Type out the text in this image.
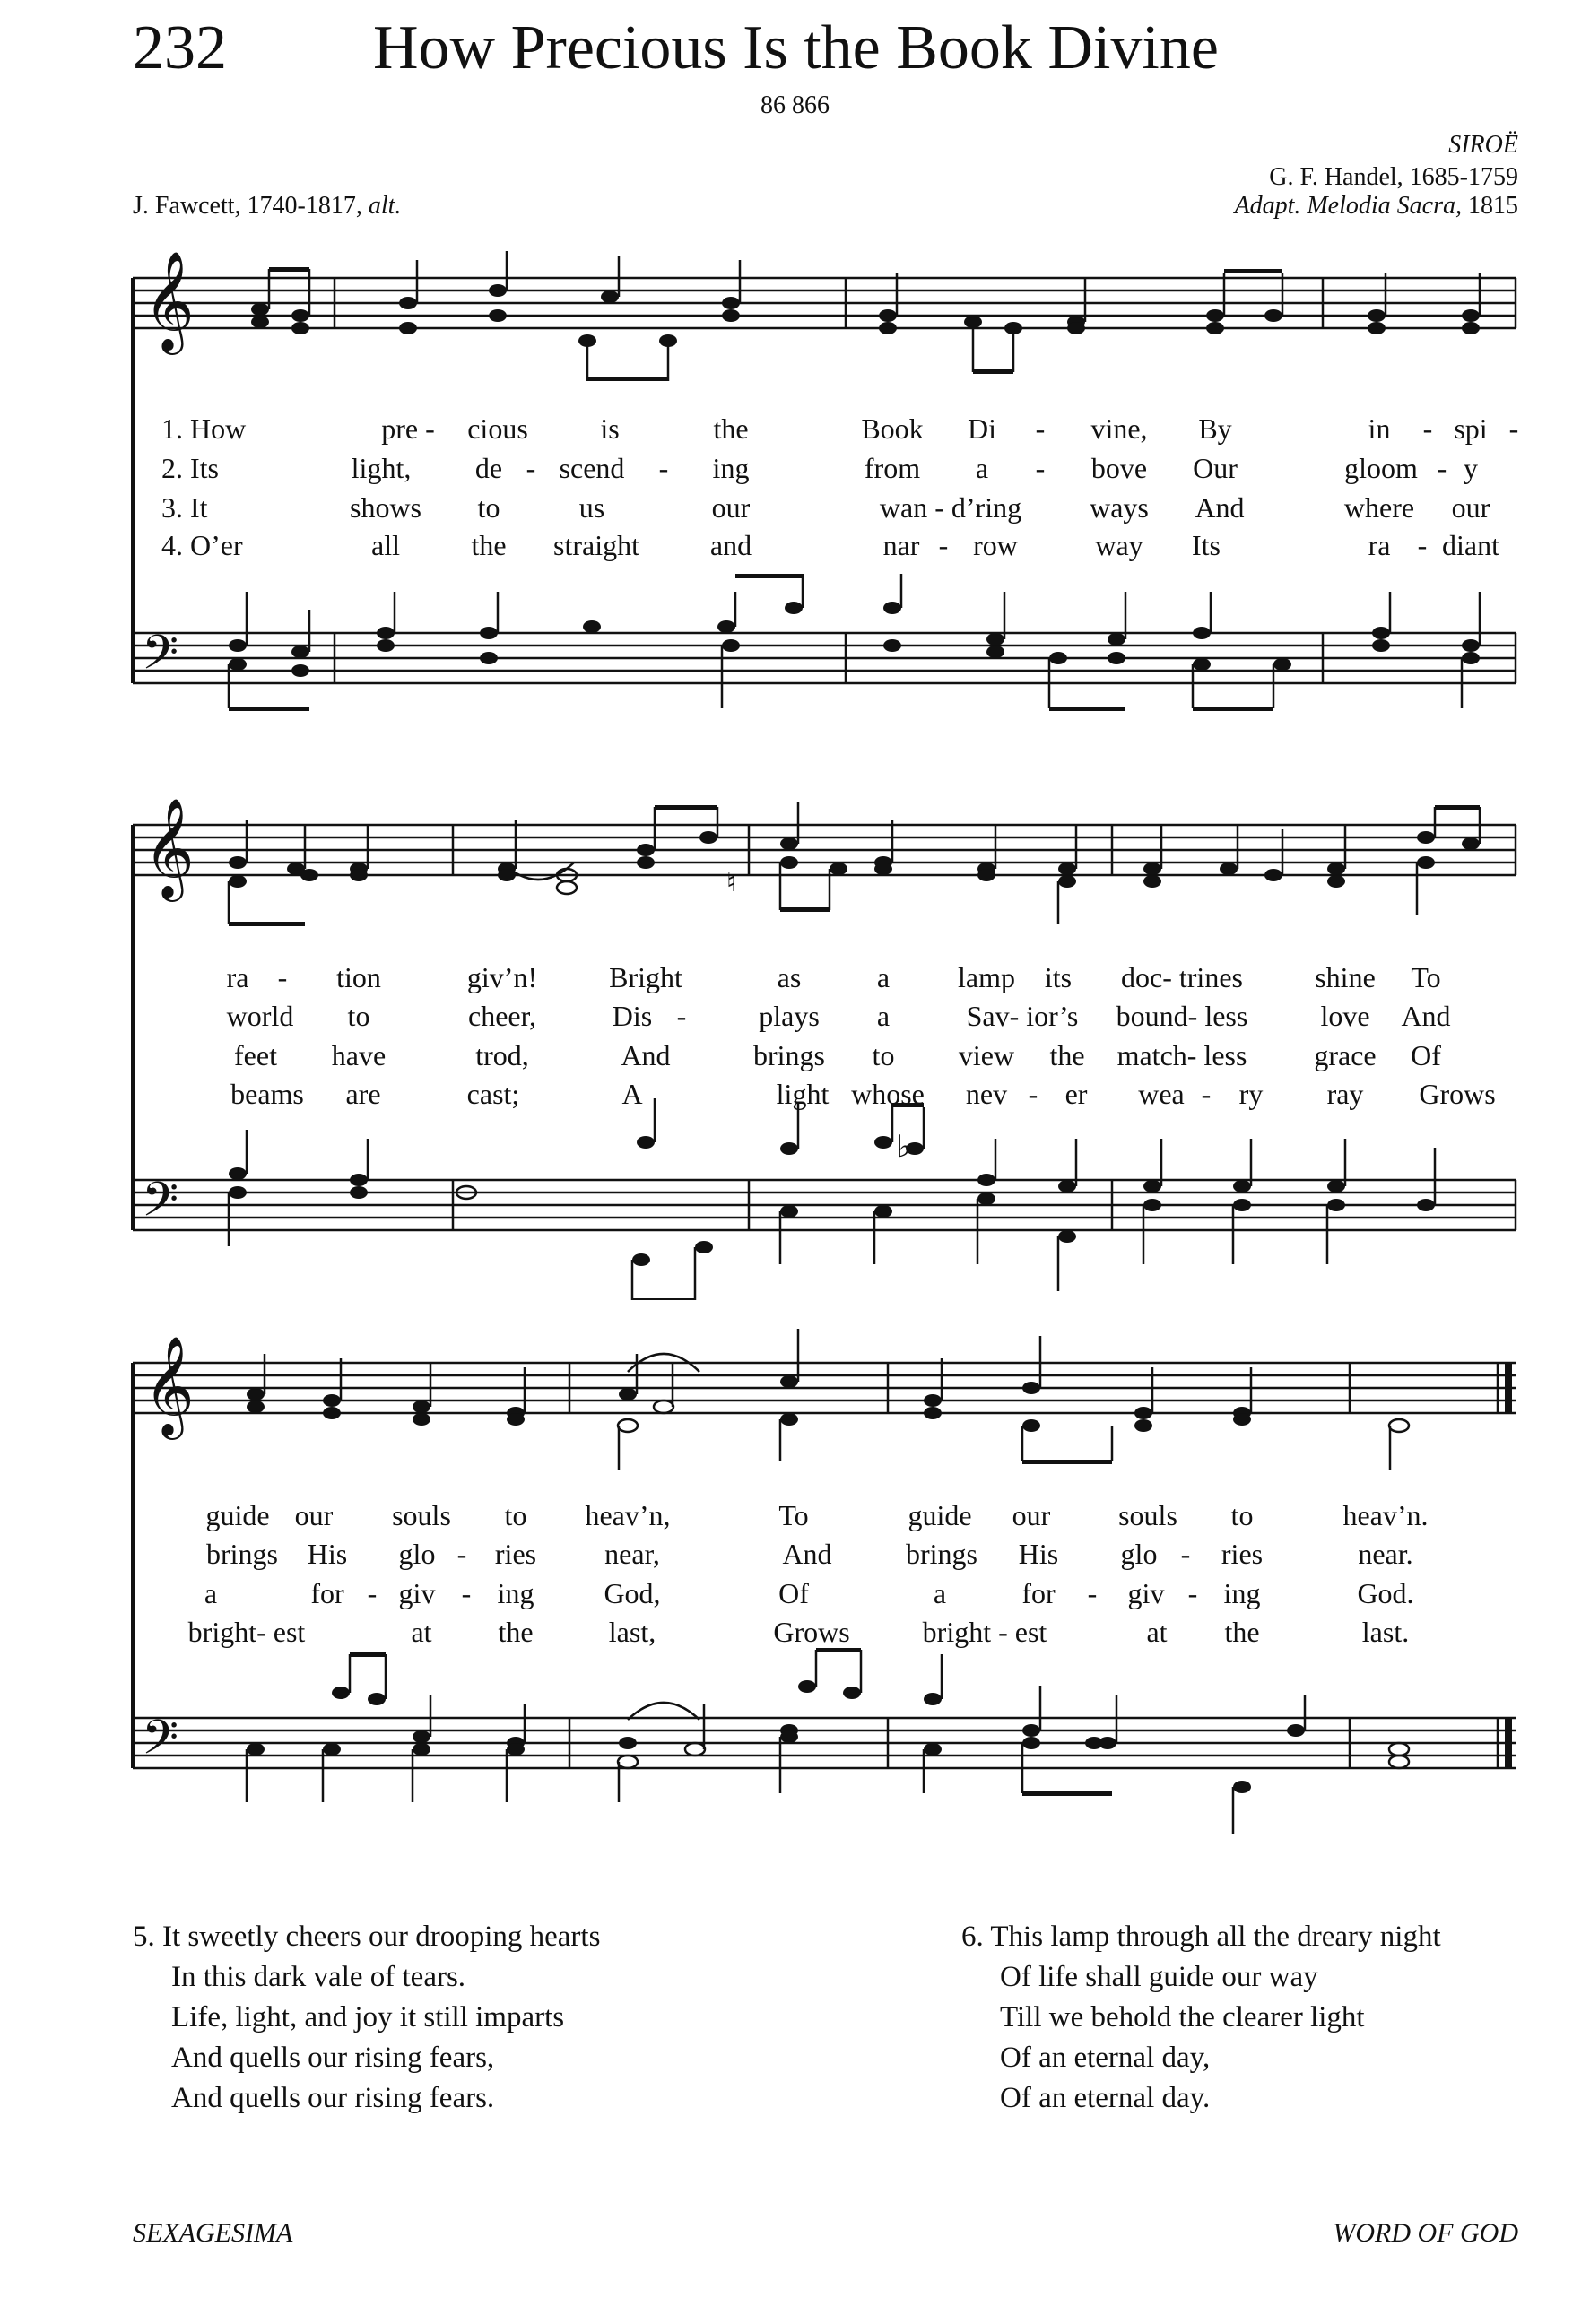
232 How Precious Is the Book Divine
86 866
SIROË
G. F. Handel, 1685-1759
Adapt. Melodia Sacra, 1815
J. Fawcett, 1740-1817, alt.
𝄞
𝄢
1. How	pre - cious	is	the	Book Di - vine, By	in - spi -
2. Its	light, de - scend - ing	from a - bove Our	gloom - y
3. It	shows to	us	our	wan - d’ring ways And	where our
4. O’er	all the straight and	nar - row	way Its	ra - diant
𝄞
𝄢
♭
♮
ra - tion	giv’n!	Bright	as	a lamp its doc- trines	shine To
world to	cheer,	Dis -	plays a	Sav- ior’s bound- less	love And
feet have	trod,	And	brings to view the match- less grace Of
beams are	cast;	A	light whose nev - er wea - ry ray Grows
𝄞
𝄢
guide our souls to heav’n,	To	guide our souls to	heav’n.
brings His glo - ries near,	And	brings His glo - ries	near.
a	for - giv - ing God,	Of	a	for - giv - ing	God.
bright- est	at the	last,	Grows	bright - est	at the	last.
5. It sweetly cheers our drooping hearts
In this dark vale of tears.
Life, light, and joy it still imparts
And quells our rising fears,
And quells our rising fears.
6. This lamp through all the dreary night
Of life shall guide our way
Till we behold the clearer light
Of an eternal day,
Of an eternal day.
SEXAGESIMA	WORD OF GOD
